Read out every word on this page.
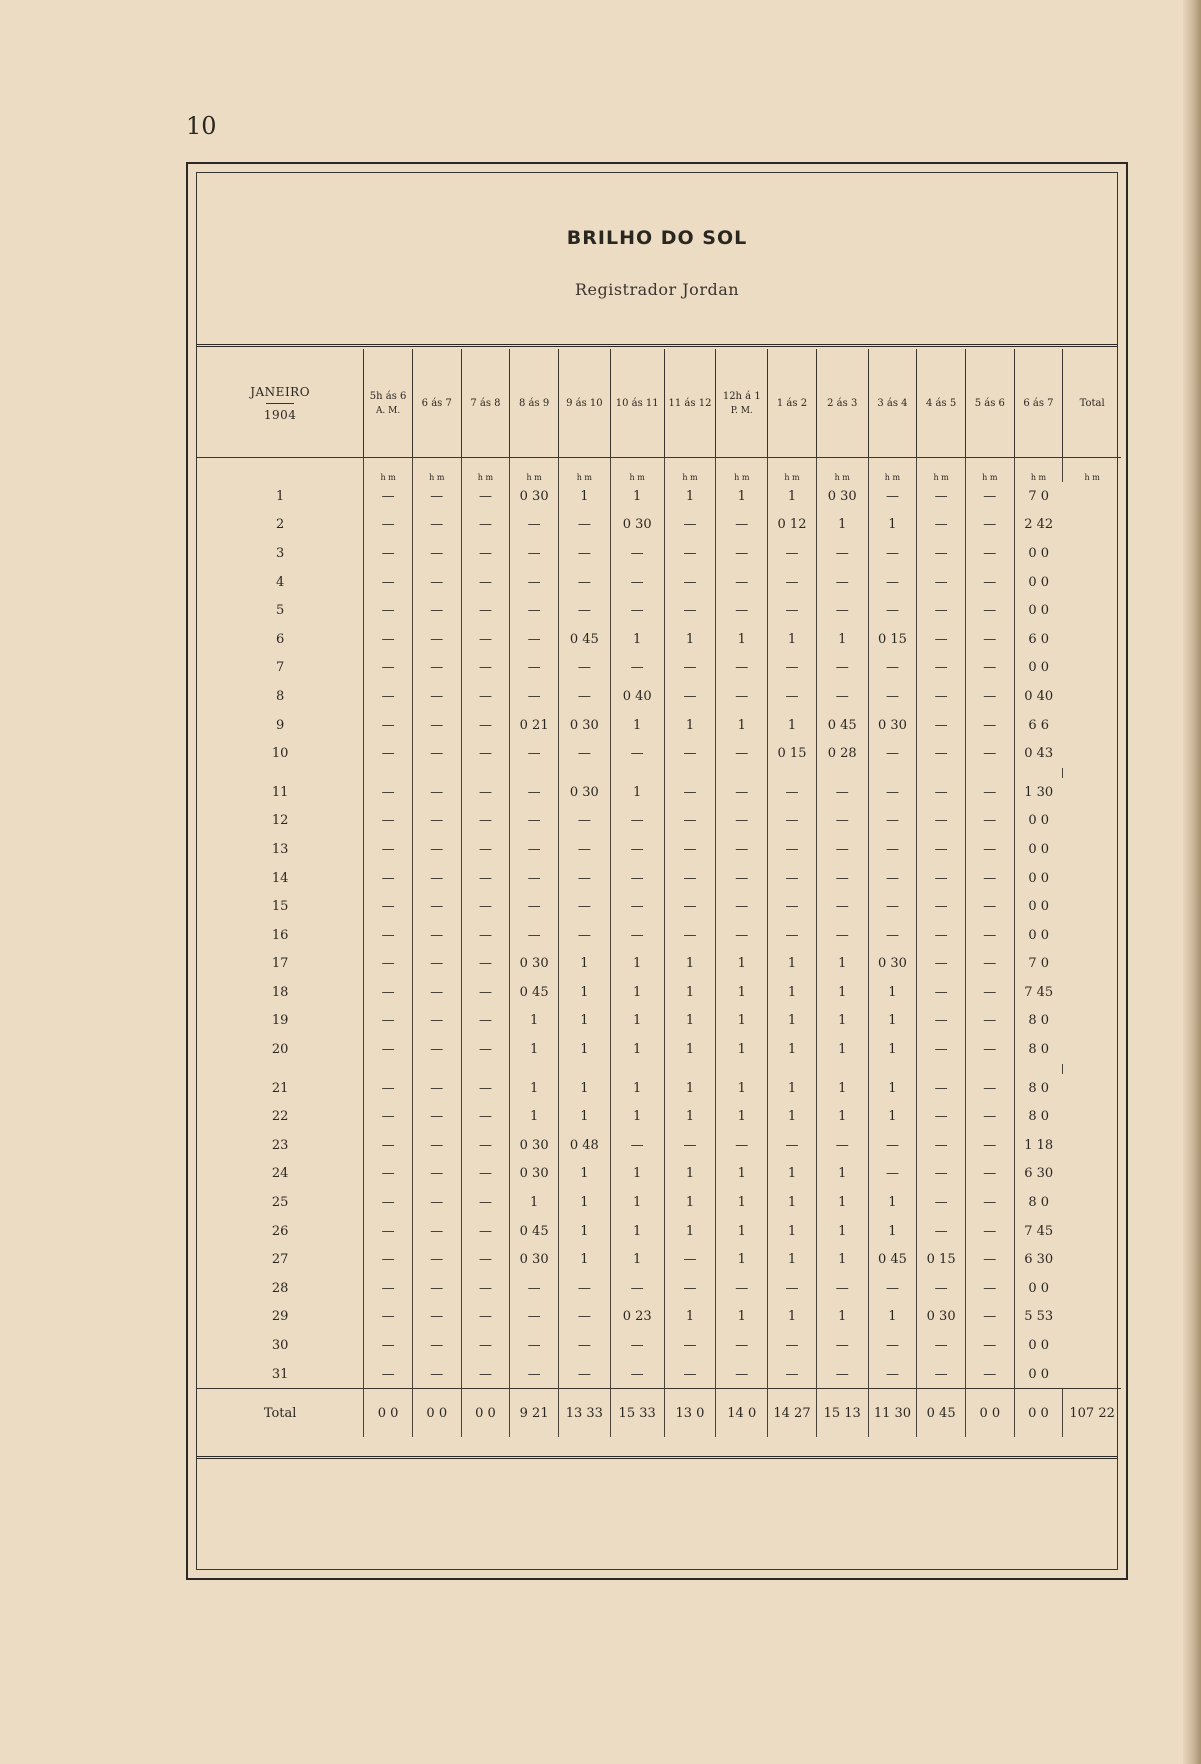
10
BRILHO DO SOL
Registrador Jordan
JANEIRO
1904	5h ás 6
A. M.	6 ás 7	7 ás 8	8 ás 9	9 ás 10	10 ás 11	11 ás 12	12h á 1
P. M.	1 ás 2	2 ás 3	3 ás 4	4 ás 5	5 ás 6	6 ás 7	Total
	h m	h m	h m	h m	h m	h m	h m	h m	h m	h m	h m	h m	h m	h m	h m
1	—	—	—	0 30	1	1	1	1	1	0 30	—	—	—	7 0	
2	—	—	—	—	—	0 30	—	—	0 12	1	1	—	—	2 42	
3	—	—	—	—	—	—	—	—	—	—	—	—	—	0 0	
4	—	—	—	—	—	—	—	—	—	—	—	—	—	0 0	
5	—	—	—	—	—	—	—	—	—	—	—	—	—	0 0	
6	—	—	—	—	0 45	1	1	1	1	1	0 15	—	—	6 0	
7	—	—	—	—	—	—	—	—	—	—	—	—	—	0 0	
8	—	—	—	—	—	0 40	—	—	—	—	—	—	—	0 40	
9	—	—	—	0 21	0 30	1	1	1	1	0 45	0 30	—	—	6 6	
10	—	—	—	—	—	—	—	—	0 15	0 28	—	—	—	0 43	

11	—	—	—	—	0 30	1	—	—	—	—	—	—	—	1 30	
12	—	—	—	—	—	—	—	—	—	—	—	—	—	0 0	
13	—	—	—	—	—	—	—	—	—	—	—	—	—	0 0	
14	—	—	—	—	—	—	—	—	—	—	—	—	—	0 0	
15	—	—	—	—	—	—	—	—	—	—	—	—	—	0 0	
16	—	—	—	—	—	—	—	—	—	—	—	—	—	0 0	
17	—	—	—	0 30	1	1	1	1	1	1	0 30	—	—	7 0	
18	—	—	—	0 45	1	1	1	1	1	1	1	—	—	7 45	
19	—	—	—	1	1	1	1	1	1	1	1	—	—	8 0	
20	—	—	—	1	1	1	1	1	1	1	1	—	—	8 0	

21	—	—	—	1	1	1	1	1	1	1	1	—	—	8 0	
22	—	—	—	1	1	1	1	1	1	1	1	—	—	8 0	
23	—	—	—	0 30	0 48	—	—	—	—	—	—	—	—	1 18	
24	—	—	—	0 30	1	1	1	1	1	1	—	—	—	6 30	
25	—	—	—	1	1	1	1	1	1	1	1	—	—	8 0	
26	—	—	—	0 45	1	1	1	1	1	1	1	—	—	7 45	
27	—	—	—	0 30	1	1	—	1	1	1	0 45	0 15	—	6 30	
28	—	—	—	—	—	—	—	—	—	—	—	—	—	0 0	
29	—	—	—	—	—	0 23	1	1	1	1	1	0 30	—	5 53	
30	—	—	—	—	—	—	—	—	—	—	—	—	—	0 0	
31	—	—	—	—	—	—	—	—	—	—	—	—	—	0 0	
Total	0 0	0 0	0 0	9 21	13 33	15 33	13 0	14 0	14 27	15 13	11 30	0 45	0 0	0 0	107 22
